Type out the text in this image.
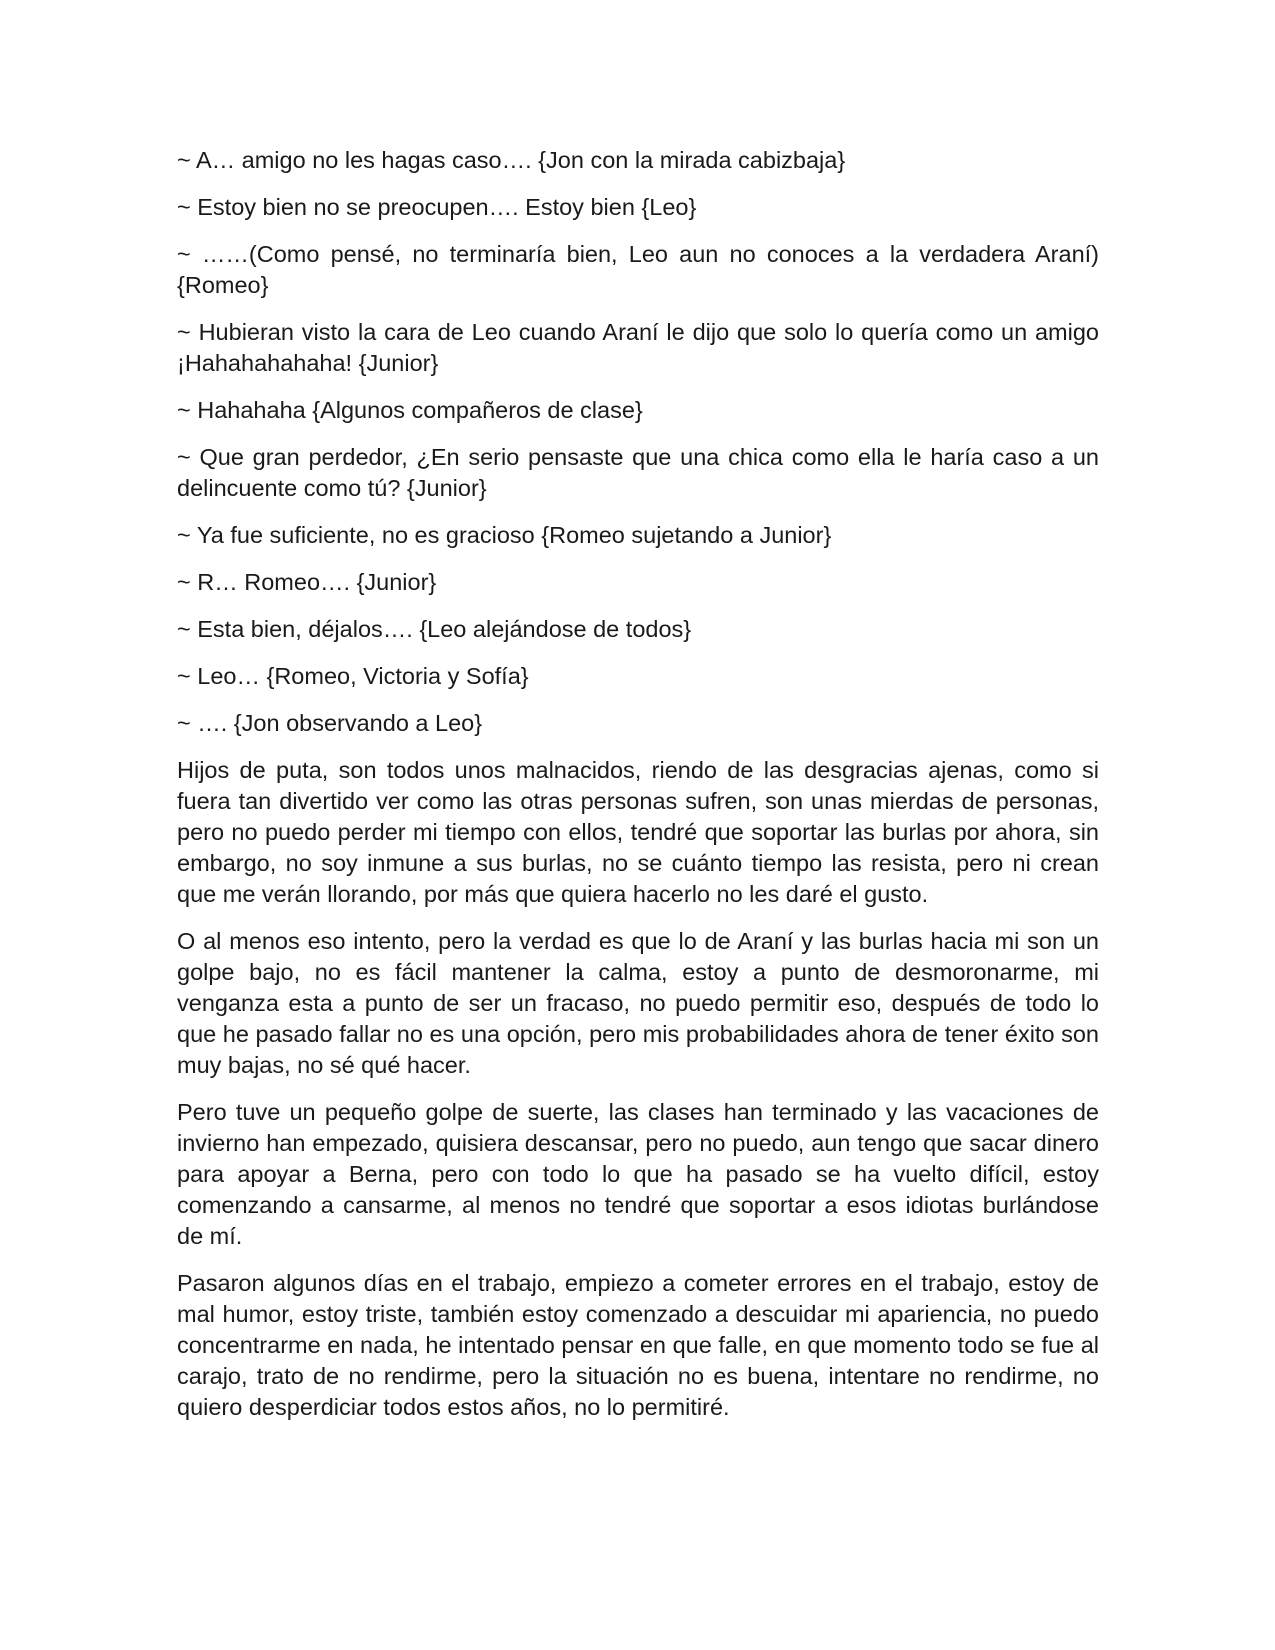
~ A… amigo no les hagas caso…. {Jon con la mirada cabizbaja}

~ Estoy bien no se preocupen…. Estoy bien {Leo}

~ ……(Como pensé, no terminaría bien, Leo aun no conoces a la verdadera Araní) {Romeo}

~ Hubieran visto la cara de Leo cuando Araní le dijo que solo lo quería como un amigo ¡Hahahahahaha! {Junior}

~ Hahahaha {Algunos compañeros de clase}

~ Que gran perdedor, ¿En serio pensaste que una chica como ella le haría caso a un delincuente como tú? {Junior}

~ Ya fue suficiente, no es gracioso {Romeo sujetando a Junior}

~ R… Romeo…. {Junior}

~ Esta bien, déjalos…. {Leo alejándose de todos}

~ Leo… {Romeo, Victoria y Sofía}

~ …. {Jon observando a Leo}

Hijos de puta, son todos unos malnacidos, riendo de las desgracias ajenas, como si fuera tan divertido ver como las otras personas sufren, son unas mierdas de personas, pero no puedo perder mi tiempo con ellos, tendré que soportar las burlas por ahora, sin embargo, no soy inmune a sus burlas, no se cuánto tiempo las resista, pero ni crean que me verán llorando, por más que quiera hacerlo no les daré el gusto.

O al menos eso intento, pero la verdad es que lo de Araní y las burlas hacia mi son un golpe bajo, no es fácil mantener la calma, estoy a punto de desmoronarme, mi venganza esta a punto de ser un fracaso, no puedo permitir eso, después de todo lo que he pasado fallar no es una opción, pero mis probabilidades ahora de tener éxito son muy bajas, no sé qué hacer.

Pero tuve un pequeño golpe de suerte, las clases han terminado y las vacaciones de invierno han empezado, quisiera descansar, pero no puedo, aun tengo que sacar dinero para apoyar a Berna, pero con todo lo que ha pasado se ha vuelto difícil, estoy comenzando a cansarme, al menos no tendré que soportar a esos idiotas burlándose de mí.

Pasaron algunos días en el trabajo, empiezo a cometer errores en el trabajo, estoy de mal humor, estoy triste, también estoy comenzado a descuidar mi apariencia, no puedo concentrarme en nada, he intentado pensar en que falle, en que momento todo se fue al carajo, trato de no rendirme, pero la situación no es buena, intentare no rendirme, no quiero desperdiciar todos estos años, no lo permitiré.
